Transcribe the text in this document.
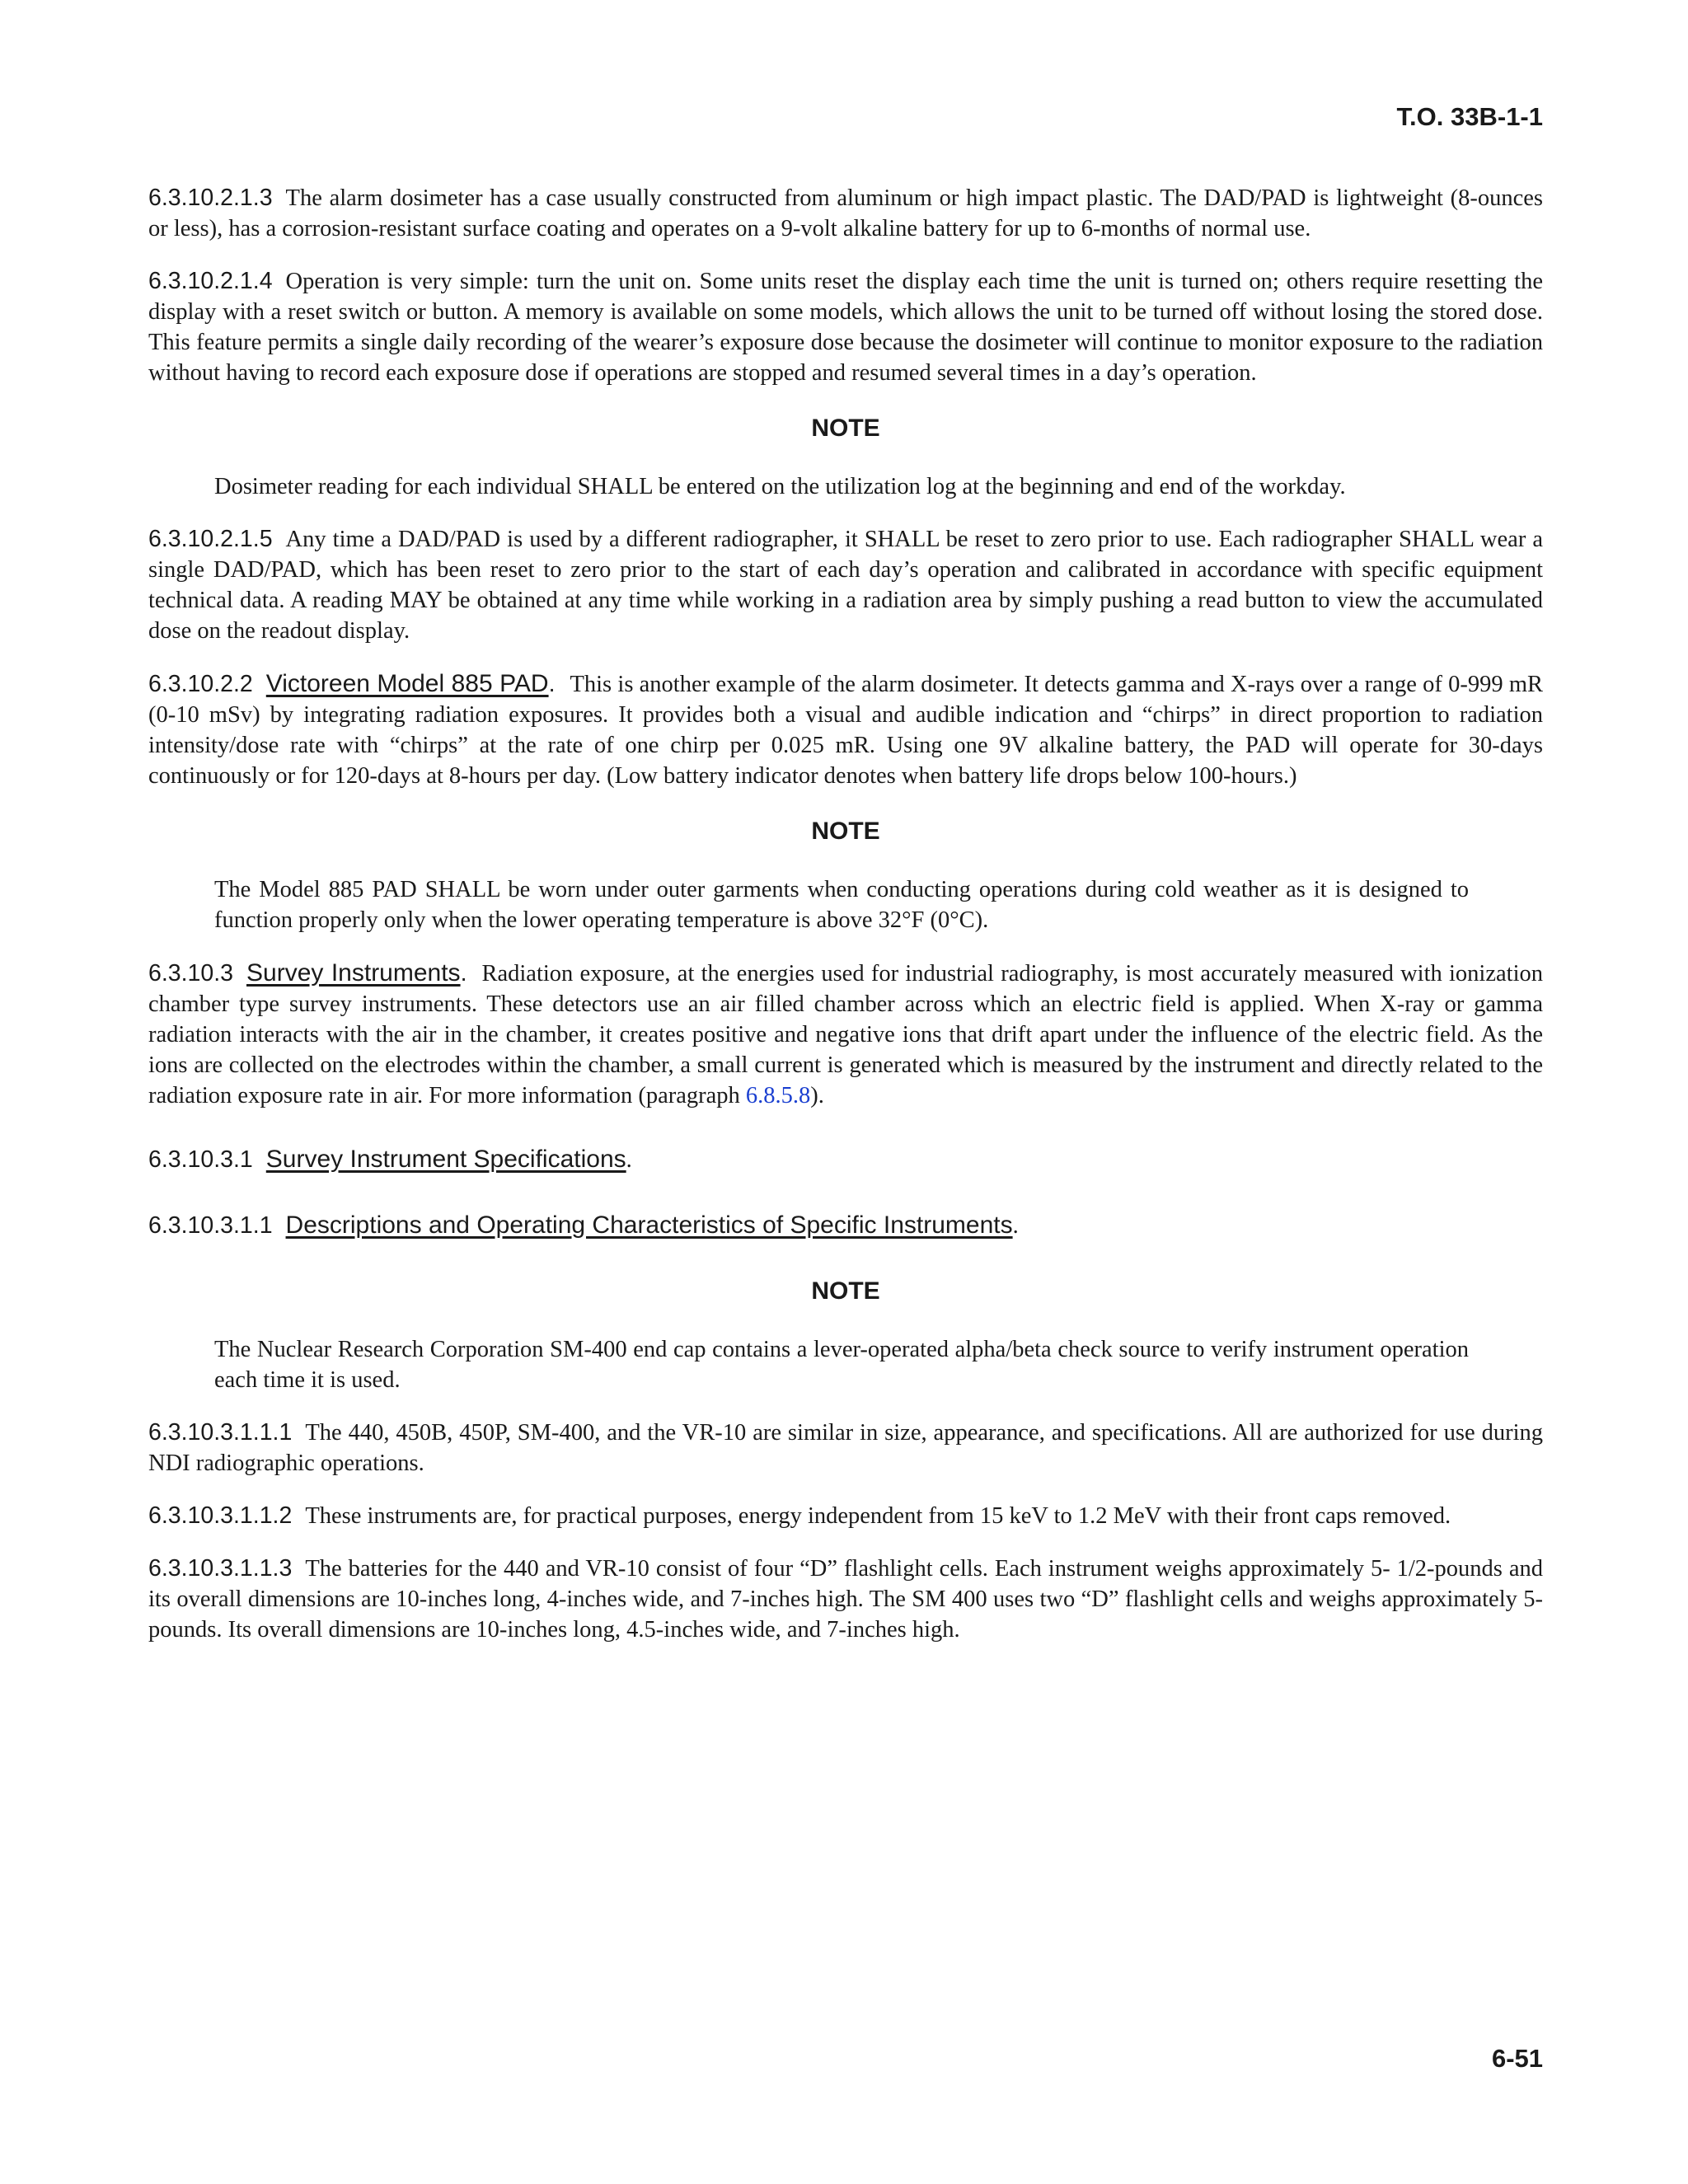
T.O. 33B-1-1

6.3.10.2.1.3 The alarm dosimeter has a case usually constructed from aluminum or high impact plastic. The DAD/PAD is lightweight (8-ounces or less), has a corrosion-resistant surface coating and operates on a 9-volt alkaline battery for up to 6-months of normal use.

6.3.10.2.1.4 Operation is very simple: turn the unit on. Some units reset the display each time the unit is turned on; others require resetting the display with a reset switch or button. A memory is available on some models, which allows the unit to be turned off without losing the stored dose. This feature permits a single daily recording of the wearer’s exposure dose because the dosimeter will continue to monitor exposure to the radiation without having to record each exposure dose if operations are stopped and resumed several times in a day’s operation.

NOTE

Dosimeter reading for each individual SHALL be entered on the utilization log at the beginning and end of the workday.

6.3.10.2.1.5 Any time a DAD/PAD is used by a different radiographer, it SHALL be reset to zero prior to use. Each radiographer SHALL wear a single DAD/PAD, which has been reset to zero prior to the start of each day’s operation and calibrated in accordance with specific equipment technical data. A reading MAY be obtained at any time while working in a radiation area by simply pushing a read button to view the accumulated dose on the readout display.

6.3.10.2.2 Victoreen Model 885 PAD. This is another example of the alarm dosimeter. It detects gamma and X-rays over a range of 0-999 mR (0-10 mSv) by integrating radiation exposures. It provides both a visual and audible indication and “chirps” in direct proportion to radiation intensity/dose rate with “chirps” at the rate of one chirp per 0.025 mR. Using one 9V alkaline battery, the PAD will operate for 30-days continuously or for 120-days at 8-hours per day. (Low battery indicator denotes when battery life drops below 100-hours.)

NOTE

The Model 885 PAD SHALL be worn under outer garments when conducting operations during cold weather as it is designed to function properly only when the lower operating temperature is above 32°F (0°C).

6.3.10.3 Survey Instruments. Radiation exposure, at the energies used for industrial radiography, is most accurately measured with ionization chamber type survey instruments. These detectors use an air filled chamber across which an electric field is applied. When X-ray or gamma radiation interacts with the air in the chamber, it creates positive and negative ions that drift apart under the influence of the electric field. As the ions are collected on the electrodes within the chamber, a small current is generated which is measured by the instrument and directly related to the radiation exposure rate in air. For more information (paragraph 6.8.5.8).

6.3.10.3.1 Survey Instrument Specifications.

6.3.10.3.1.1 Descriptions and Operating Characteristics of Specific Instruments.

NOTE

The Nuclear Research Corporation SM-400 end cap contains a lever-operated alpha/beta check source to verify instrument operation each time it is used.

6.3.10.3.1.1.1 The 440, 450B, 450P, SM-400, and the VR-10 are similar in size, appearance, and specifications. All are authorized for use during NDI radiographic operations.

6.3.10.3.1.1.2 These instruments are, for practical purposes, energy independent from 15 keV to 1.2 MeV with their front caps removed.

6.3.10.3.1.1.3 The batteries for the 440 and VR-10 consist of four “D” flashlight cells. Each instrument weighs approximately 5- 1/2-pounds and its overall dimensions are 10-inches long, 4-inches wide, and 7-inches high. The SM 400 uses two “D” flashlight cells and weighs approximately 5-pounds. Its overall dimensions are 10-inches long, 4.5-inches wide, and 7-inches high.

6-51
